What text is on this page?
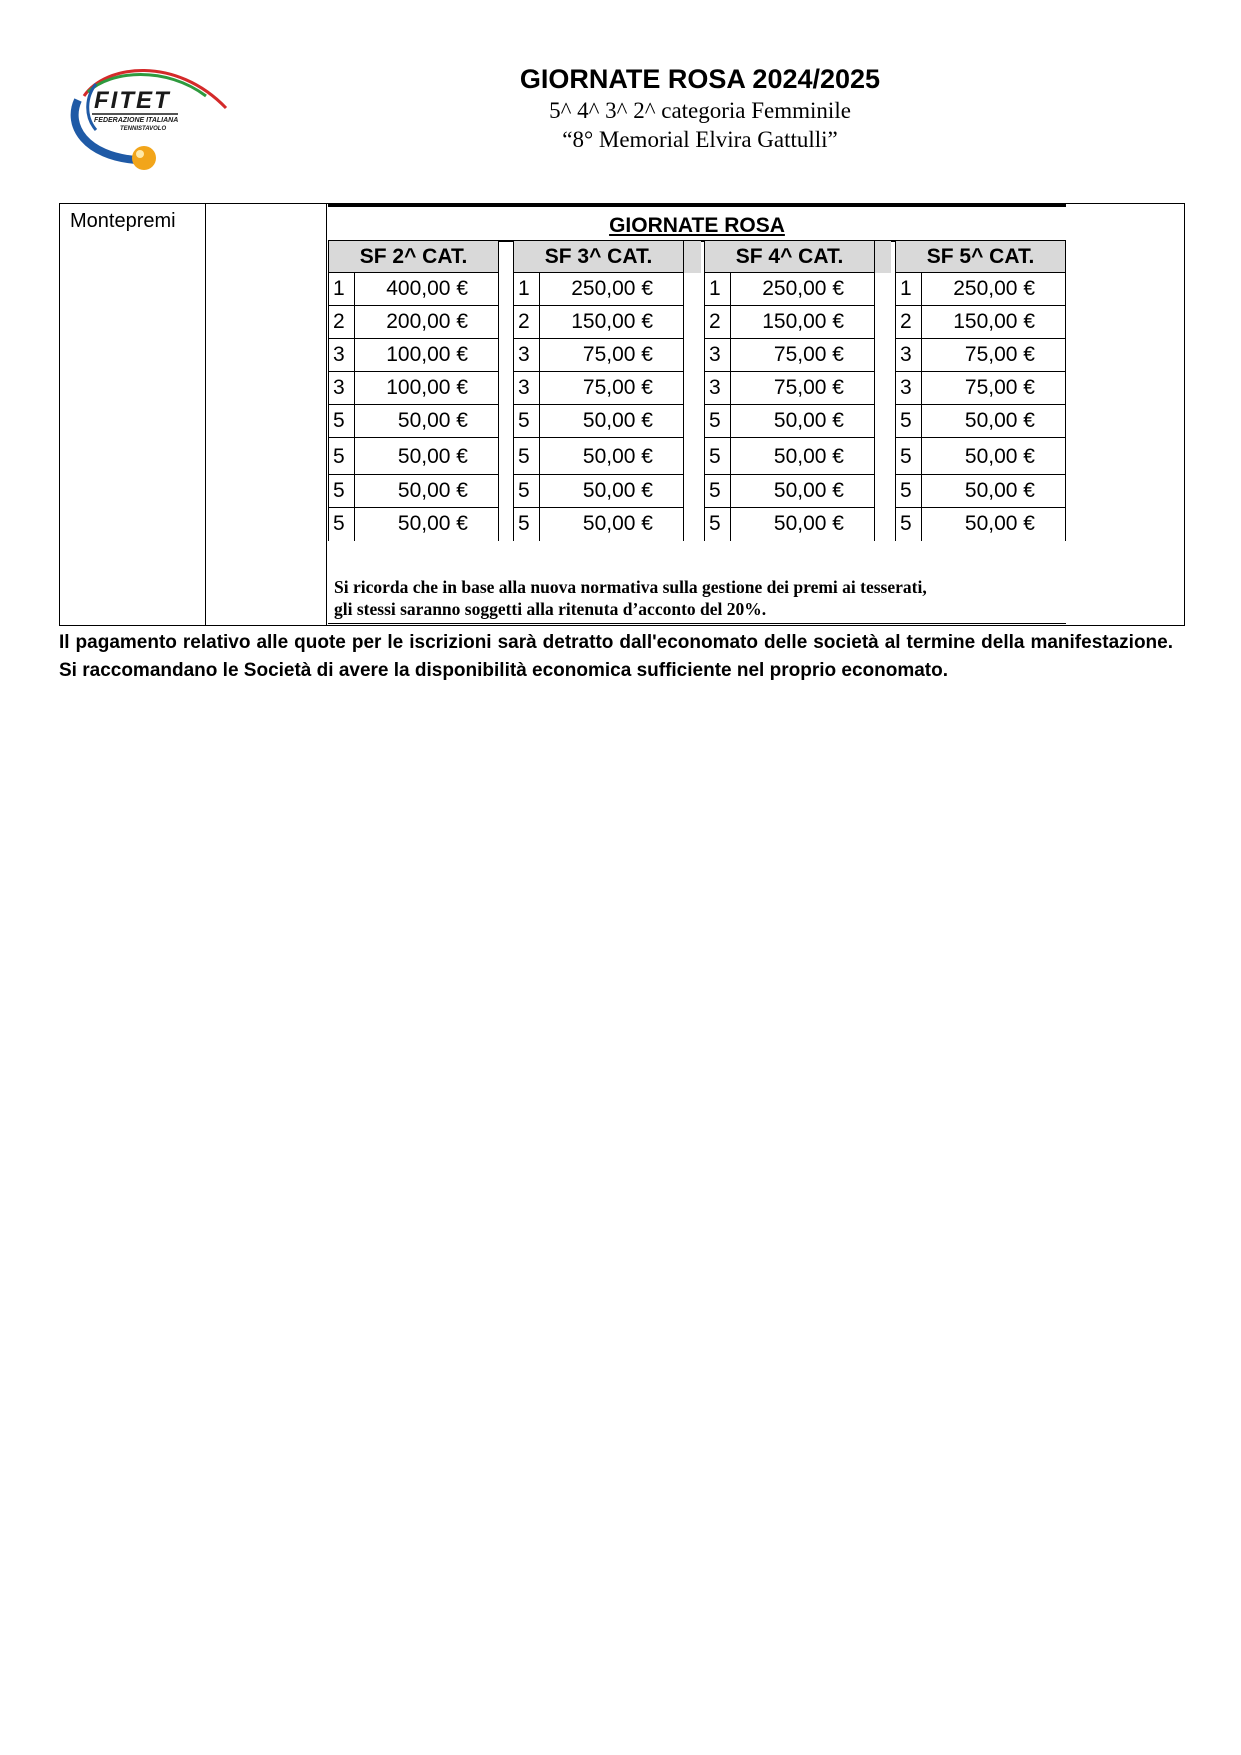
FITET
FEDERAZIONE ITALIANA
TENNISTAVOLO
GIORNATE ROSA 2024/2025
5^ 4^ 3^ 2^ categoria Femminile
“8° Memorial Elvira Gattulli”
Montepremi	GIORNATE ROSA
SF 2^ CAT.
1	400,00 €
2	200,00 €
3	100,00 €
3	100,00 €
5	50,00 €
5	50,00 €
5	50,00 €
5	50,00 €
SF 3^ CAT.
1	250,00 €
2	150,00 €
3	75,00 €
3	75,00 €
5	50,00 €
5	50,00 €
5	50,00 €
5	50,00 €
SF 4^ CAT.
1	250,00 €
2	150,00 €
3	75,00 €
3	75,00 €
5	50,00 €
5	50,00 €
5	50,00 €
5	50,00 €
SF 5^ CAT.
1	250,00 €
2	150,00 €
3	75,00 €
3	75,00 €
5	50,00 €
5	50,00 €
5	50,00 €
5	50,00 €
Si ricorda che in base alla nuova normativa sulla gestione dei premi ai tesserati,
gli stessi saranno soggetti alla ritenuta d’acconto del 20%.
Il pagamento relativo alle quote per le iscrizioni sarà detratto dall'economato delle società al termine della manifestazione. Si raccomandano le Società di avere la disponibilità economica sufficiente nel proprio economato.
